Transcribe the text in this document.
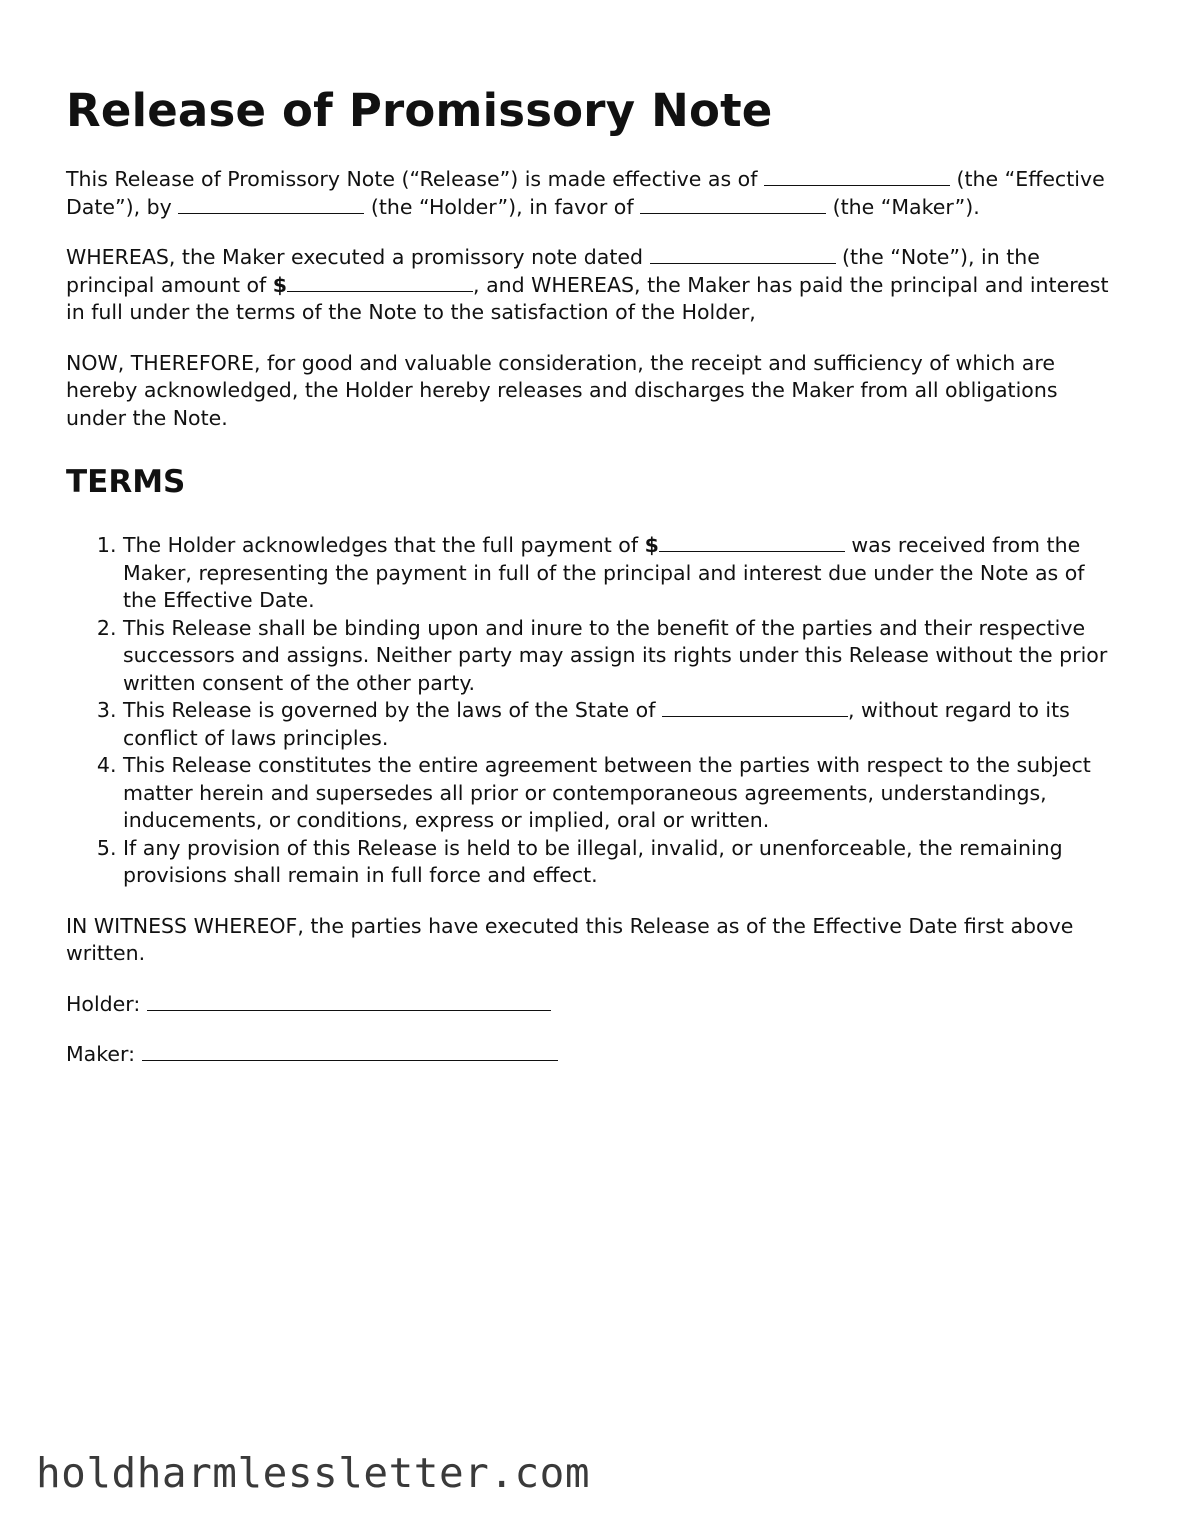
Release of Promissory Note

This Release of Promissory Note (“Release”) is made effective as of	(the “Effective Date”), by	(the “Holder”), in favor of	(the “Maker”).

WHEREAS, the Maker executed a promissory note dated	(the “Note”), in the principal amount of $	, and WHEREAS, the Maker has paid the principal and interest in full under the terms of the Note to the satisfaction of the Holder,

NOW, THEREFORE, for good and valuable consideration, the receipt and sufficiency of which are hereby acknowledged, the Holder hereby releases and discharges the Maker from all obligations under the Note.

TERMS
1. The Holder acknowledges that the full payment of $	was received from the Maker, representing the payment in full of the principal and interest due under the Note as of the Effective Date.
2. This Release shall be binding upon and inure to the benefit of the parties and their respective successors and assigns. Neither party may assign its rights under this Release without the prior written consent of the other party.
3. This Release is governed by the laws of the State of	, without regard to its conflict of laws principles.
4. This Release constitutes the entire agreement between the parties with respect to the subject matter herein and supersedes all prior or contemporaneous agreements, understandings, inducements, or conditions, express or implied, oral or written.
5. If any provision of this Release is held to be illegal, invalid, or unenforceable, the remaining provisions shall remain in full force and effect.

IN WITNESS WHEREOF, the parties have executed this Release as of the Effective Date first above written.

Holder:

Maker:

holdharmlessletter.com
